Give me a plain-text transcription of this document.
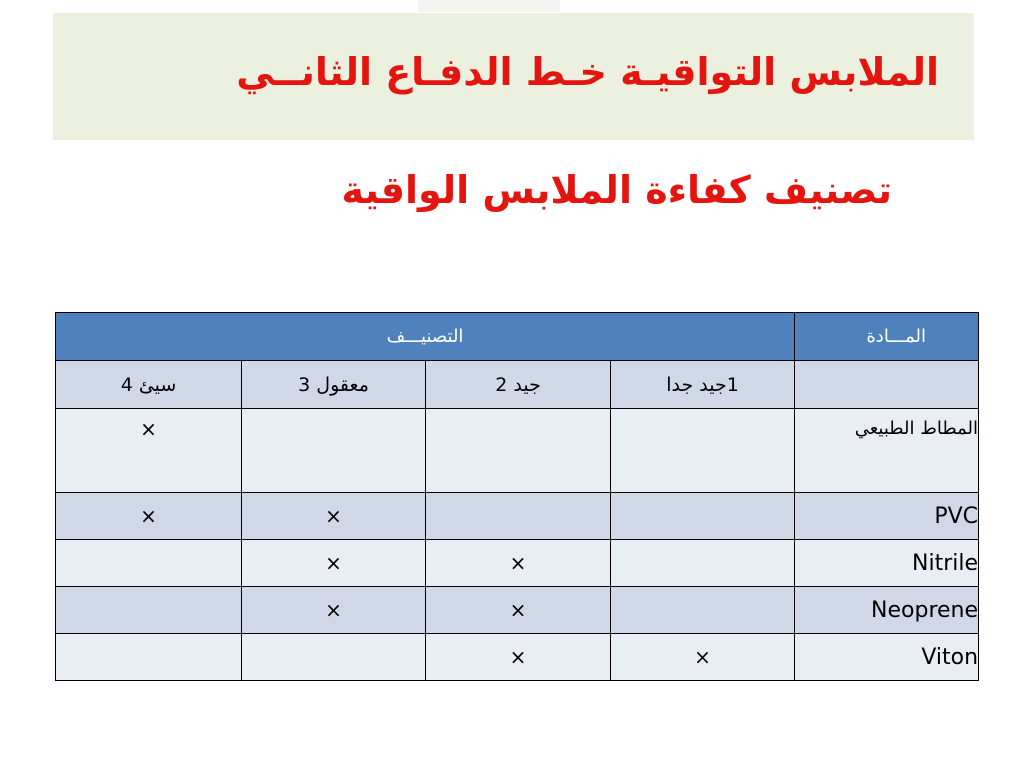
الملابس التواقيـة خـط الدفـاع الثانــي
تصنيف كفاءة الملابس الواقية
المـــادة	التصنيـــف			
	1جيد جدا	جيد 2	معقول 3	سيئ 4
المطاط الطبيعي				×
PVC			×	×
Nitrile		×	×	
Neoprene		×	×	
Viton	×	×		
